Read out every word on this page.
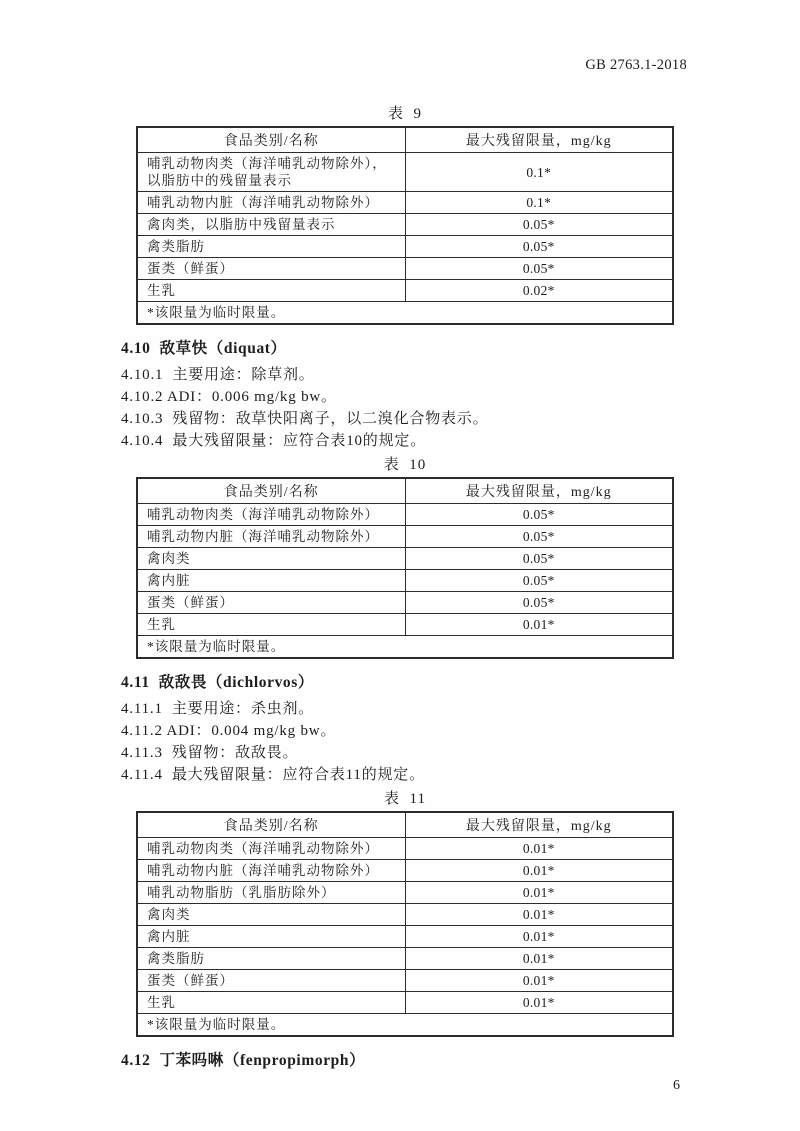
GB 2763.1-2018
表  9
食品类别/名称	最大残留限量，mg/kg
哺乳动物肉类（海洋哺乳动物除外），以脂肪中的残留量表示	0.1*
哺乳动物内脏（海洋哺乳动物除外）	0.1*
禽肉类，以脂肪中残留量表示	0.05*
禽类脂肪	0.05*
蛋类（鲜蛋）	0.05*
生乳	0.02*
*该限量为临时限量。	
4.10  敌草快（diquat）

4.10.1  主要用途：除草剂。

4.10.2 ADI：0.006 mg/kg bw。

4.10.3  残留物：敌草快阳离子，以二溴化合物表示。

4.10.4  最大残留限量：应符合表10的规定。

表  10
食品类别/名称	最大残留限量，mg/kg
哺乳动物肉类（海洋哺乳动物除外）	0.05*
哺乳动物内脏（海洋哺乳动物除外）	0.05*
禽肉类	0.05*
禽内脏	0.05*
蛋类（鲜蛋）	0.05*
生乳	0.01*
*该限量为临时限量。	
4.11  敌敌畏（dichlorvos）

4.11.1  主要用途：杀虫剂。

4.11.2 ADI：0.004 mg/kg bw。

4.11.3  残留物：敌敌畏。

4.11.4  最大残留限量：应符合表11的规定。

表  11
食品类别/名称	最大残留限量，mg/kg
哺乳动物肉类（海洋哺乳动物除外）	0.01*
哺乳动物内脏（海洋哺乳动物除外）	0.01*
哺乳动物脂肪（乳脂肪除外）	0.01*
禽肉类	0.01*
禽内脏	0.01*
禽类脂肪	0.01*
蛋类（鲜蛋）	0.01*
生乳	0.01*
*该限量为临时限量。	
4.12  丁苯吗啉（fenpropimorph）
6
